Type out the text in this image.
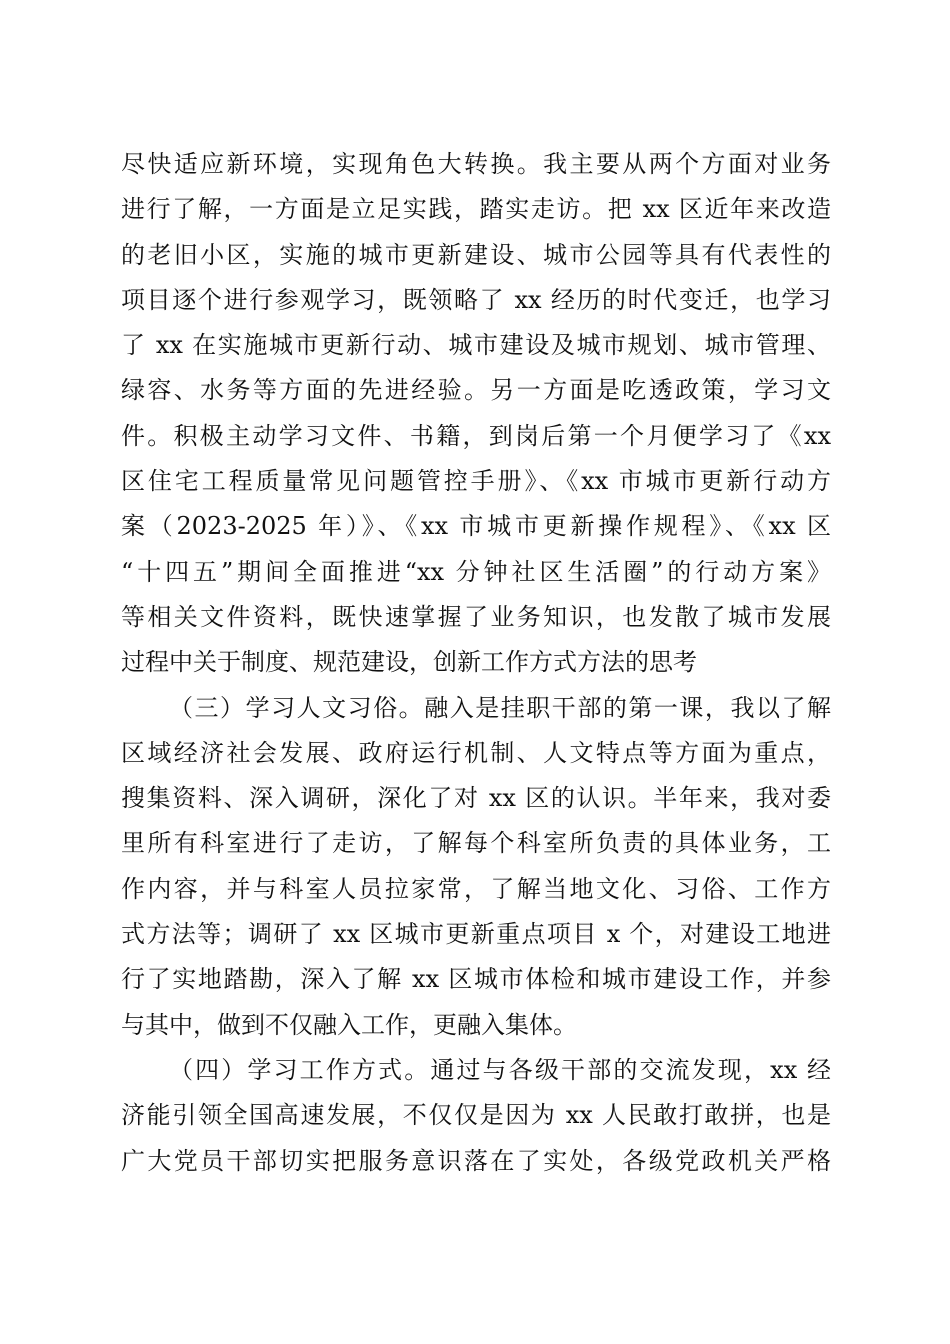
尽快适应新环境，实现角色大转换。我主要从两个方面对业务
进行了解，一方面是立足实践，踏实走访。把 xx 区近年来改造
的老旧小区，实施的城市更新建设、城市公园等具有代表性的
项目逐个进行参观学习，既领略了 xx 经历的时代变迁，也学习
了 xx 在实施城市更新行动、城市建设及城市规划、城市管理、
绿容、水务等方面的先进经验。另一方面是吃透政策，学习文
件。积极主动学习文件、书籍，到岗后第一个月便学习了《xx
区住宅工程质量常见问题管控手册》、《xx 市城市更新行动方
案（2023-2025 年）》、《xx 市城市更新操作规程》、《xx 区
“十四五”期间全面推进“xx 分钟社区生活圈”的行动方案》
等相关文件资料，既快速掌握了业务知识，也发散了城市发展
过程中关于制度、规范建设，创新工作方式方法的思考
（三）学习人文习俗。融入是挂职干部的第一课，我以了解
区域经济社会发展、政府运行机制、人文特点等方面为重点，
搜集资料、深入调研，深化了对 xx 区的认识。半年来，我对委
里所有科室进行了走访，了解每个科室所负责的具体业务，工
作内容，并与科室人员拉家常，了解当地文化、习俗、工作方
式方法等；调研了 xx 区城市更新重点项目 x 个，对建设工地进
行了实地踏勘，深入了解 xx 区城市体检和城市建设工作，并参
与其中，做到不仅融入工作，更融入集体。
（四）学习工作方式。通过与各级干部的交流发现，xx 经
济能引领全国高速发展，不仅仅是因为 xx 人民敢打敢拼，也是
广大党员干部切实把服务意识落在了实处，各级党政机关严格
